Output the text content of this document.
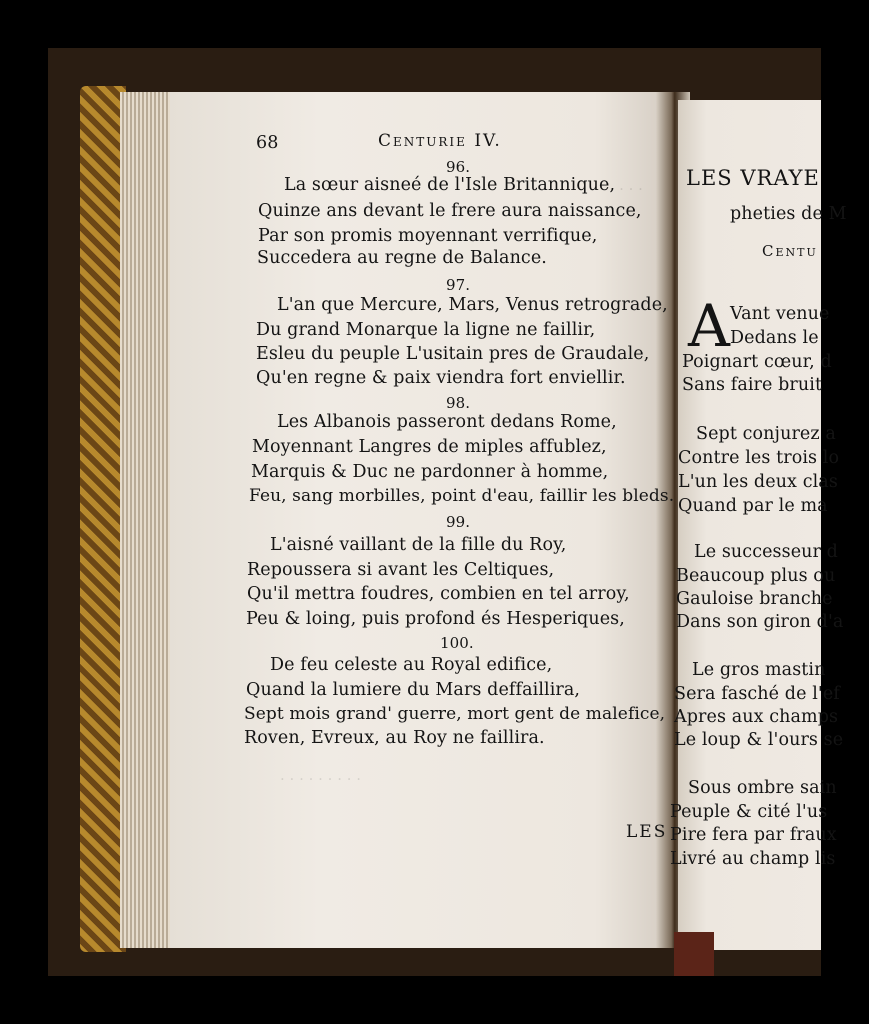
· · · · ·
· · · · · · · · ·
68	Centurie IV.
96.
La sœur aisneé de l'Isle Britannique,
Quinze ans devant le frere aura naissance,
Par son promis moyennant verrifique,
Succedera au regne de Balance.
97.
L'an que Mercure, Mars, Venus retrograde,
Du grand Monarque la ligne ne faillir,
Esleu du peuple L'usitain pres de Graudale,
Qu'en regne & paix viendra fort enviellir.
98.
Les Albanois passeront dedans Rome,
Moyennant Langres de miples affublez,
Marquis & Duc ne pardonner à homme,
Feu, sang morbilles, point d'eau, faillir les bleds.
99.
L'aisné vaillant de la fille du Roy,
Repoussera si avant les Celtiques,
Qu'il mettra foudres, combien en tel arroy,
Peu & loing, puis profond és Hesperiques,
100.
De feu celeste au Royal edifice,
Quand la lumiere du Mars deffaillira,
Sept mois grand' guerre, mort gent de malefice,
Roven, Evreux, au Roy ne faillira.
LES
LES VRAYE
pheties de M
Centu
A Vant venue
Dedans le
Poignart cœur, d
Sans faire bruit
Sept conjurez a
Contre les trois lo
L'un les deux clas
Quand par le ma
Le successeur d
Beaucoup plus ou
Gauloise branche
Dans son giron d'a
Le gros mastin
Sera fasché de l'ef
Apres aux champs
Le loup & l'ours se
Sous ombre sain
Peuple & cité l'us
Pire fera par fraux
Livré au champ lis
